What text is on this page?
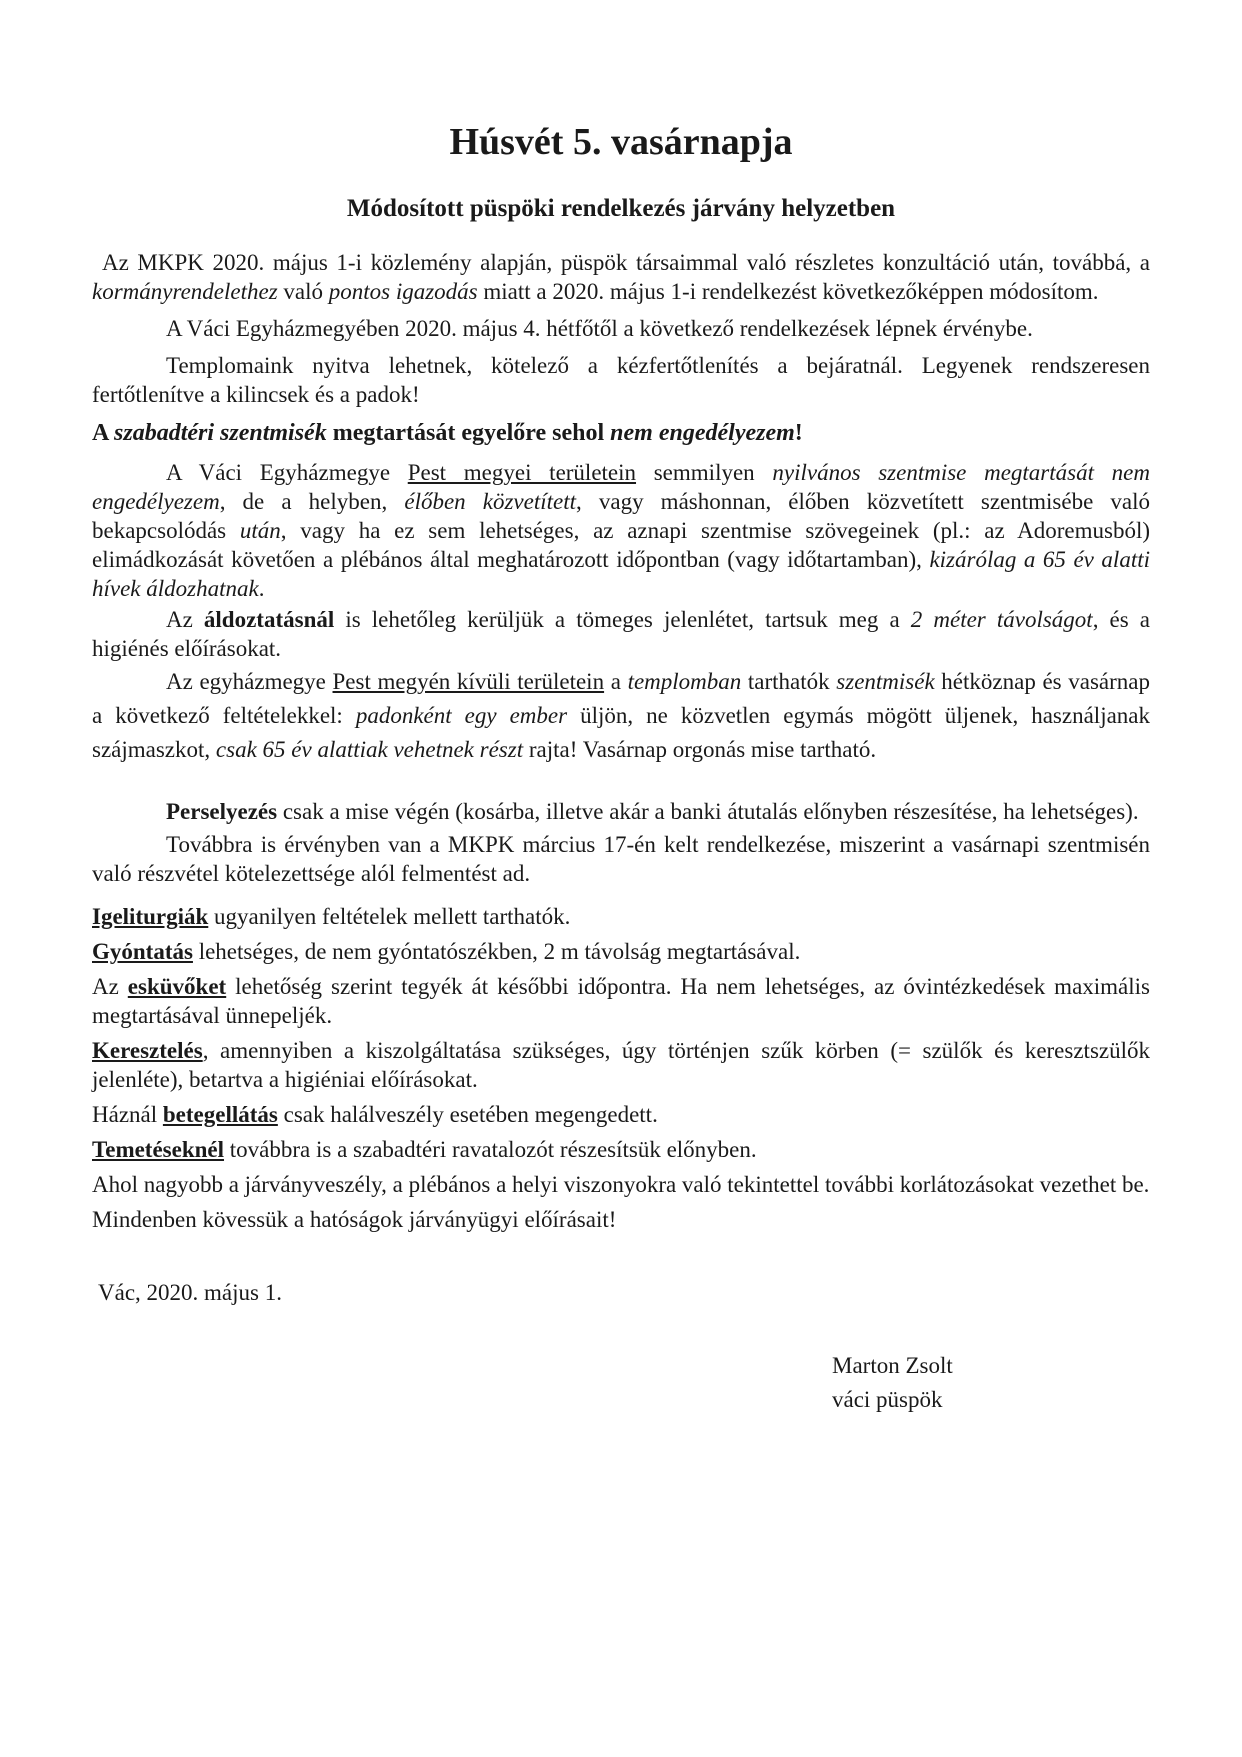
Húsvét 5. vasárnapja
Módosított püspöki rendelkezés járvány helyzetben

Az MKPK 2020. május 1-i közlemény alapján, püspök társaimmal való részletes konzultáció után, továbbá, a kormányrendelethez való pontos igazodás miatt a 2020. május 1-i rendelkezést következőképpen módosítom.

A Váci Egyházmegyében 2020. május 4. hétfőtől a következő rendelkezések lépnek érvénybe.

Templomaink nyitva lehetnek, kötelező a kézfertőtlenítés a bejáratnál. Legyenek rendszeresen fertőtlenítve a kilincsek és a padok!

A szabadtéri szentmisék megtartását egyelőre sehol nem engedélyezem!

A Váci Egyházmegye Pest megyei területein semmilyen nyilvános szentmise megtartását nem engedélyezem, de a helyben, élőben közvetített, vagy máshonnan, élőben közvetített szentmisébe való bekapcsolódás után, vagy ha ez sem lehetséges, az aznapi szentmise szövegeinek (pl.: az Adoremusból) elimádkozását követően a plébános által meghatározott időpontban (vagy időtartamban), kizárólag a 65 év alatti hívek áldozhatnak.

Az áldoztatásnál is lehetőleg kerüljük a tömeges jelenlétet, tartsuk meg a 2 méter távolságot, és a higiénés előírásokat.

Az egyházmegye Pest megyén kívüli területein a templomban tarthatók szentmisék hétköznap és vasárnap a következő feltételekkel: padonként egy ember üljön, ne közvetlen egymás mögött üljenek, használjanak szájmaszkot, csak 65 év alattiak vehetnek részt rajta! Vasárnap orgonás mise tartható.

Perselyezés csak a mise végén (kosárba, illetve akár a banki átutalás előnyben részesítése, ha lehetséges).

Továbbra is érvényben van a MKPK március 17-én kelt rendelkezése, miszerint a vasárnapi szentmisén való részvétel kötelezettsége alól felmentést ad.

Igeliturgiák ugyanilyen feltételek mellett tarthatók.

Gyóntatás lehetséges, de nem gyóntatószékben, 2 m távolság megtartásával.

Az esküvőket lehetőség szerint tegyék át későbbi időpontra. Ha nem lehetséges, az óvintézkedések maximális megtartásával ünnepeljék.

Keresztelés, amennyiben a kiszolgáltatása szükséges, úgy történjen szűk körben (= szülők és keresztszülők jelenléte), betartva a higiéniai előírásokat.

Háznál betegellátás csak halálveszély esetében megengedett.

Temetéseknél továbbra is a szabadtéri ravatalozót részesítsük előnyben.

Ahol nagyobb a járványveszély, a plébános a helyi viszonyokra való tekintettel további korlátozásokat vezethet be.

Mindenben kövessük a hatóságok járványügyi előírásait!

Vác, 2020. május 1.

Marton Zsolt
váci püspök
